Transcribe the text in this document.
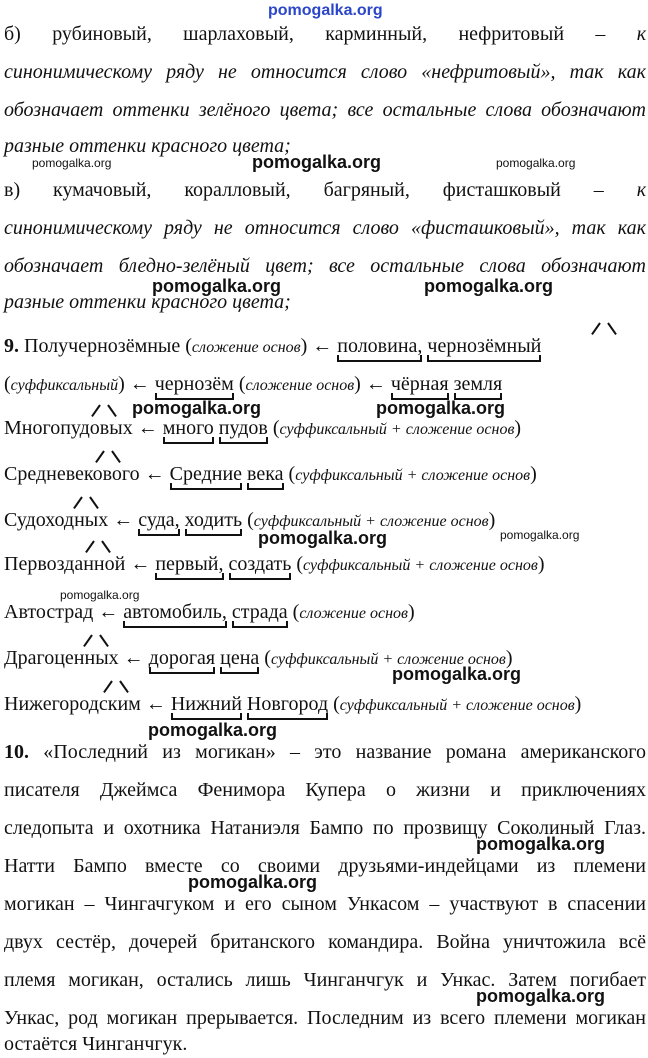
pomogalka.org
б) рубиновый, шарлаховый, карминный, нефритовый – к
синонимическому ряду не относится слово «нефритовый», так как
обозначает оттенки зелёного цвета; все остальные слова обозначают
разные оттенки красного цвета;
pomogalka.org	pomogalka.org	pomogalka.org
в) кумачовый, коралловый, багряный, фисташковый – к
синонимическому ряду не относится слово «фисташковый», так как
обозначает бледно-зелёный цвет; все остальные слова обозначают
разные оттенки красного цвета;
pomogalka.org	pomogalka.org
9. Получернозёмные (сложение основ) ← половина, чернозёмный
(суффиксальный) ← чернозём (сложение основ) ← чёрная земля
pomogalka.org	pomogalka.org
Многопудовых ← много пудов (суффиксальный + сложение основ)
Средневекового ← Средние века (суффиксальный + сложение основ)
Судоходных ← суда, ходить (суффиксальный + сложение основ)
pomogalka.org	pomogalka.org
Первозданной ← первый, создать (суффиксальный + сложение основ)
pomogalka.org
Автострад ← автомобиль, страда (сложение основ)
Драгоценных ← дорогая цена (суффиксальный + сложение основ)
pomogalka.org
Нижегородским ← Нижний Новгород (суффиксальный + сложение основ)
pomogalka.org
10. «Последний из могикан» – это название романа американского
писателя Джеймса Фенимора Купера о жизни и приключениях
следопыта и охотника Натаниэля Бампо по прозвищу Соколиный Глаз.
pomogalka.org
Натти Бампо вместе со своими друзьями-индейцами из племени
pomogalka.org
могикан – Чингачгуком и его сыном Ункасом – участвуют в спасении
двух сестёр, дочерей британского командира. Война уничтожила всё
племя могикан, остались лишь Чинганчгук и Ункас. Затем погибает
pomogalka.org
Ункас, род могикан прерывается. Последним из всего племени могикан
остаётся Чинганчгук.
